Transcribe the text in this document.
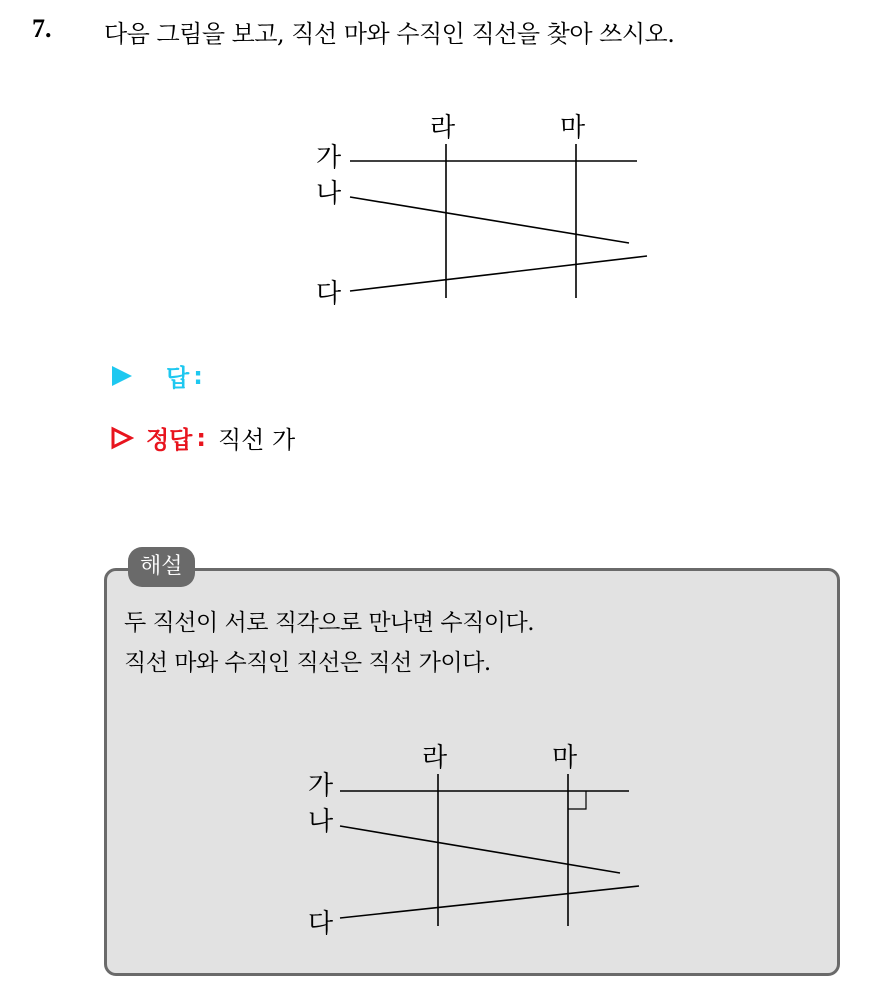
7. 다음 그림을 보고, 직선 마와 수직인 직선을 찾아 쓰시오.
가
나
다
라	마
답 :
정답 : 직선 가
해설
두 직선이 서로 직각으로 만나면 수직이다.
직선 마와 수직인 직선은 직선 가이다.
가
나
다
라	마
